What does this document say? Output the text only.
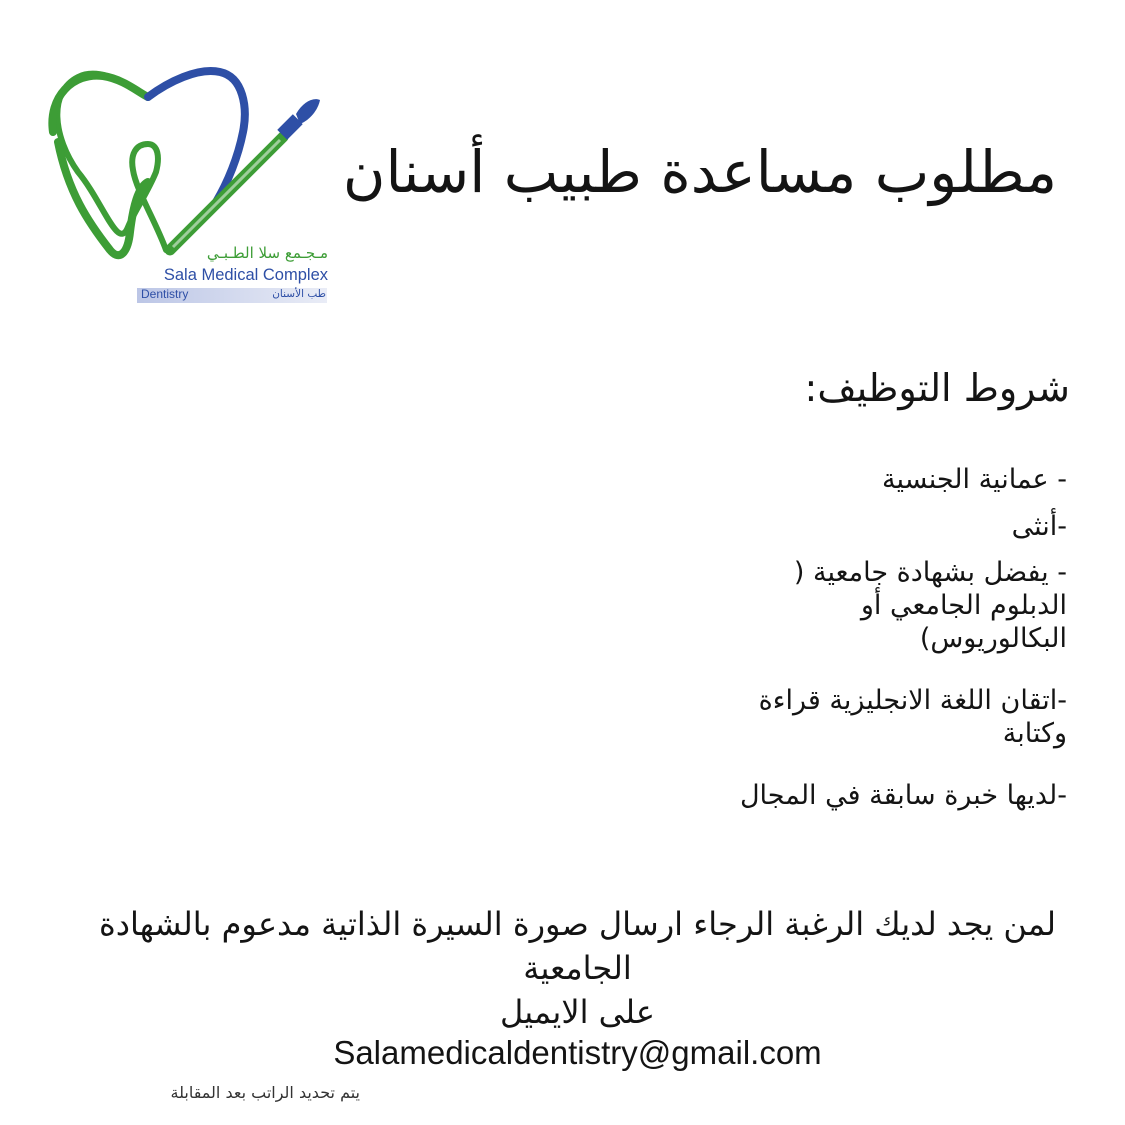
مـجـمع سلا الطـبـي
Sala Medical Complex
Dentistry	طب الأسنان
مطلوب مساعدة طبيب أسنان
شروط التوظيف:
- عمانية الجنسية
-أنثى
- يفضل بشهادة جامعية ( الدبلوم الجامعي أو البكالوريوس)
-اتقان اللغة الانجليزية قراءة وكتابة
-لديها خبرة سابقة في المجال
لمن يجد لديك الرغبة الرجاء ارسال صورة السيرة الذاتية مدعوم بالشهادة الجامعية
على الايميل
Salamedicaldentistry@gmail.com
يتم تحديد الراتب بعد المقابلة
